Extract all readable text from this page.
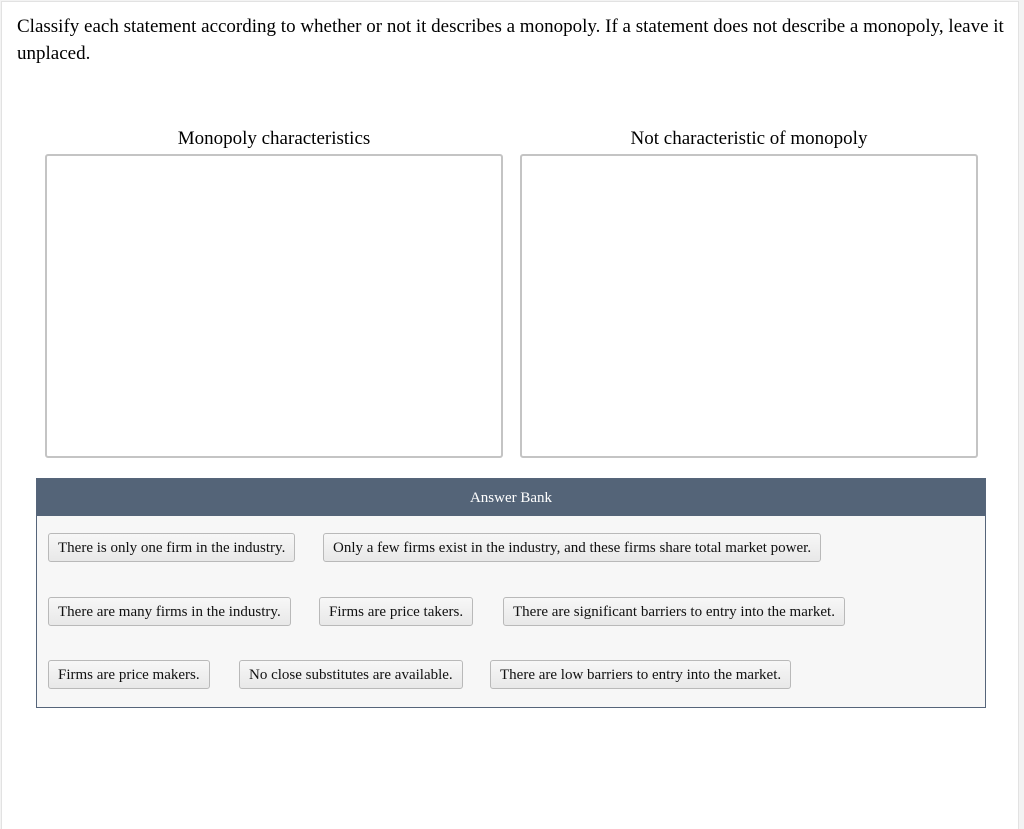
Classify each statement according to whether or not it describes a monopoly. If a statement does not describe a monopoly, leave it unplaced.

Monopoly characteristics	Not characteristic of monopoly
Answer Bank
There is only one firm in the industry.	Only a few firms exist in the industry, and these firms share total market power.
There are many firms in the industry.	Firms are price takers.	There are significant barriers to entry into the market.
Firms are price makers.	No close substitutes are available.	There are low barriers to entry into the market.
